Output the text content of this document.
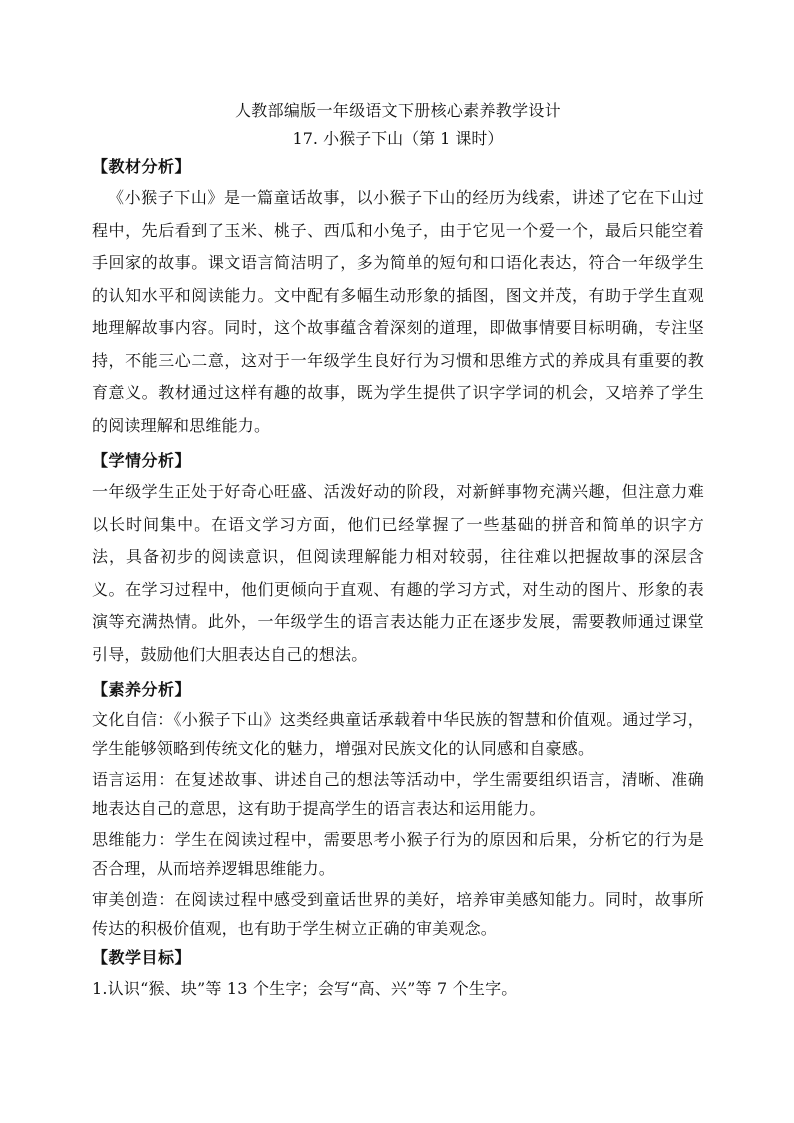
人教部编版一年级语文下册核心素养教学设计

17. 小猴子下山（第 1 课时）

【教材分析】

《小猴子下山》是一篇童话故事，以小猴子下山的经历为线索，讲述了它在下山过程中，先后看到了玉米、桃子、西瓜和小兔子，由于它见一个爱一个，最后只能空着手回家的故事。课文语言简洁明了，多为简单的短句和口语化表达，符合一年级学生的认知水平和阅读能力。文中配有多幅生动形象的插图，图文并茂，有助于学生直观地理解故事内容。同时，这个故事蕴含着深刻的道理，即做事情要目标明确，专注坚持，不能三心二意，这对于一年级学生良好行为习惯和思维方式的养成具有重要的教育意义。教材通过这样有趣的故事，既为学生提供了识字学词的机会，又培养了学生的阅读理解和思维能力。

【学情分析】

一年级学生正处于好奇心旺盛、活泼好动的阶段，对新鲜事物充满兴趣，但注意力难以长时间集中。在语文学习方面，他们已经掌握了一些基础的拼音和简单的识字方法，具备初步的阅读意识，但阅读理解能力相对较弱，往往难以把握故事的深层含义。在学习过程中，他们更倾向于直观、有趣的学习方式，对生动的图片、形象的表演等充满热情。此外，一年级学生的语言表达能力正在逐步发展，需要教师通过课堂引导，鼓励他们大胆表达自己的想法。

【素养分析】

文化自信：《小猴子下山》这类经典童话承载着中华民族的智慧和价值观。通过学习，学生能够领略到传统文化的魅力，增强对民族文化的认同感和自豪感。

语言运用：在复述故事、讲述自己的想法等活动中，学生需要组织语言，清晰、准确地表达自己的意思，这有助于提高学生的语言表达和运用能力。

思维能力：学生在阅读过程中，需要思考小猴子行为的原因和后果，分析它的行为是否合理，从而培养逻辑思维能力。

审美创造：在阅读过程中感受到童话世界的美好，培养审美感知能力。同时，故事所传达的积极价值观，也有助于学生树立正确的审美观念。

【教学目标】

1.认识“猴、块”等 13 个生字；会写“高、兴”等 7 个生字。
